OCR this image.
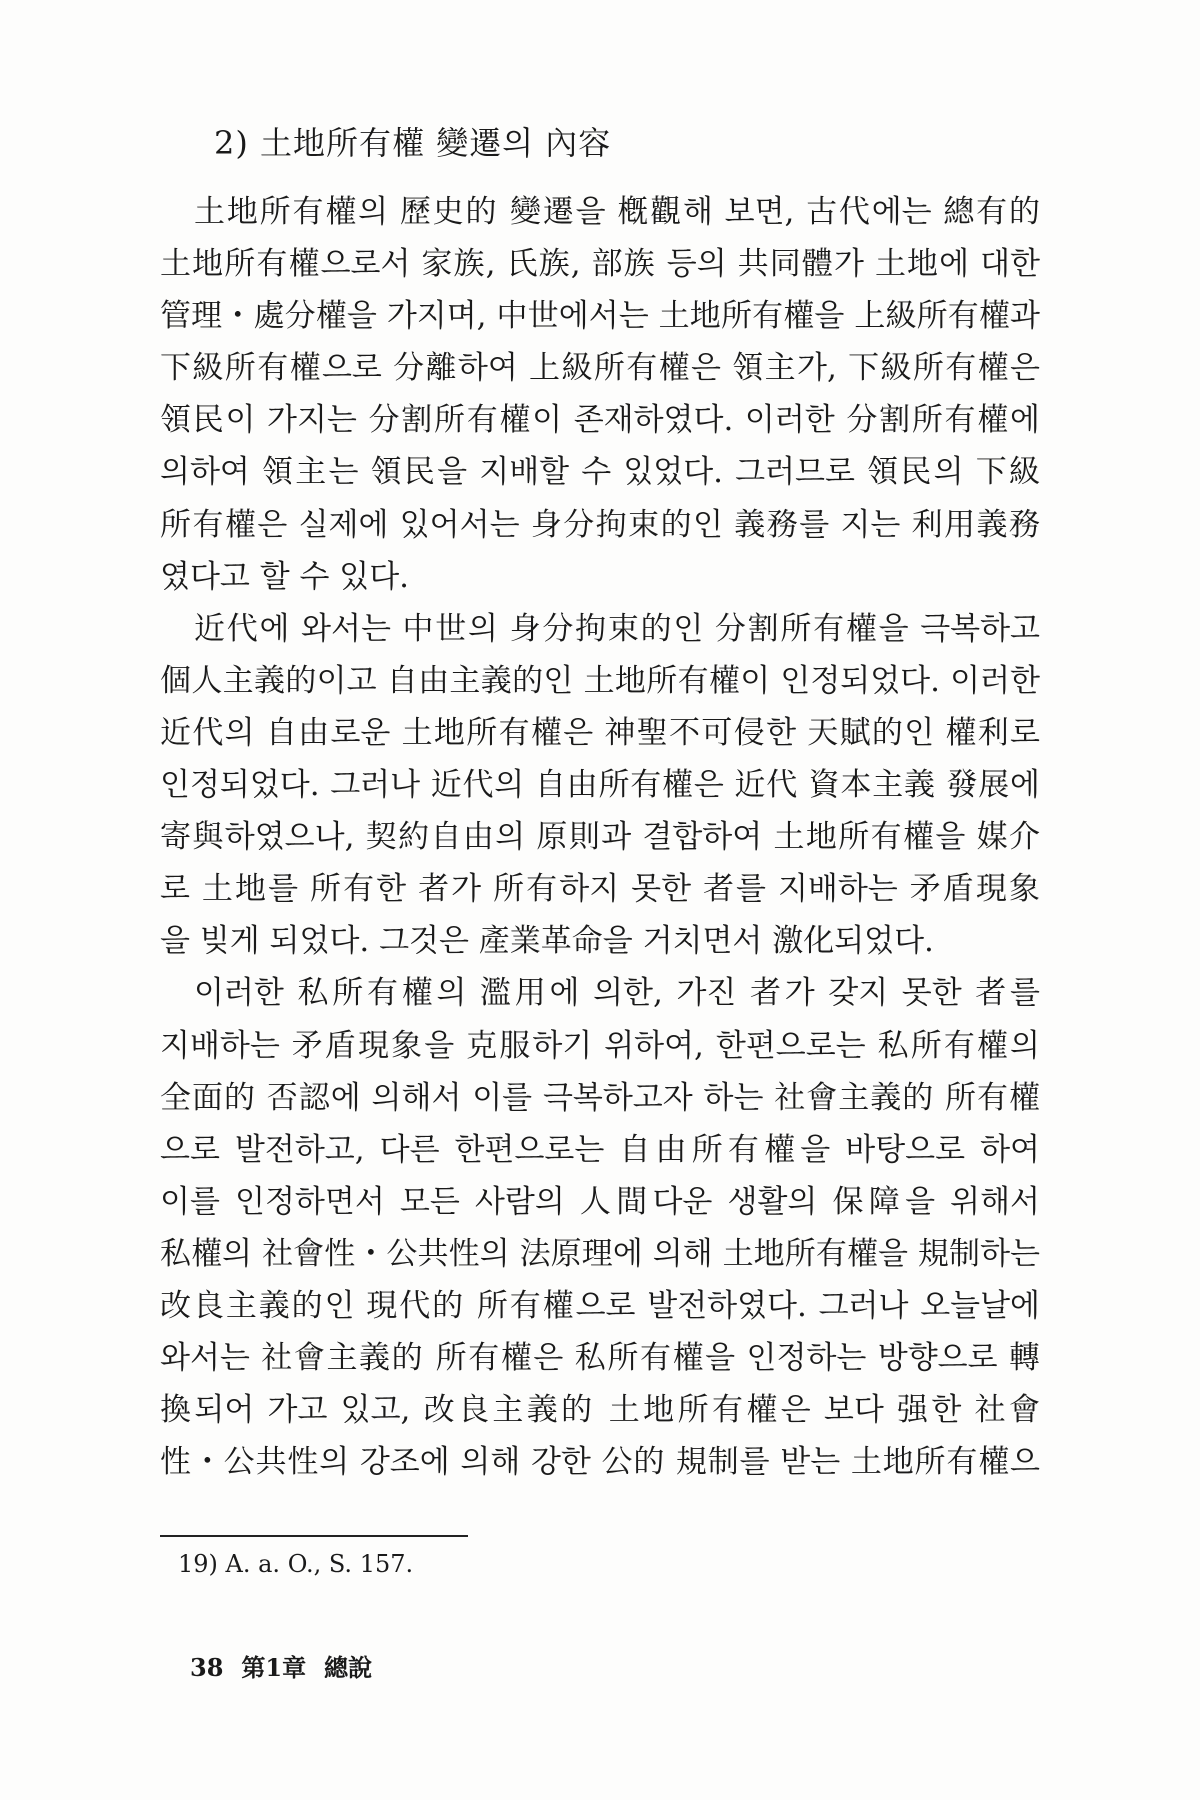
2) 土地所有權 變遷의 內容
土地所有權의 歷史的 變遷을 槪觀해 보면, 古代에는 總有的
土地所有權으로서 家族, 氏族, 部族 등의 共同體가 土地에 대한
管理・處分權을 가지며, 中世에서는 土地所有權을 上級所有權과
下級所有權으로 分離하여 上級所有權은 領主가, 下級所有權은
領民이 가지는 分割所有權이 존재하였다. 이러한 分割所有權에
의하여 領主는 領民을 지배할 수 있었다. 그러므로 領民의 下級
所有權은 실제에 있어서는 身分拘束的인 義務를 지는 利用義務
였다고 할 수 있다.
近代에 와서는 中世의 身分拘束的인 分割所有權을 극복하고
個人主義的이고 自由主義的인 土地所有權이 인정되었다. 이러한
近代의 自由로운 土地所有權은 神聖不可侵한 天賦的인 權利로
인정되었다. 그러나 近代의 自由所有權은 近代 資本主義 發展에
寄與하였으나, 契約自由의 原則과 결합하여 土地所有權을 媒介
로 土地를 所有한 者가 所有하지 못한 者를 지배하는 矛盾現象
을 빚게 되었다. 그것은 產業革命을 거치면서 激化되었다.
이러한 私所有權의 濫用에 의한, 가진 者가 갖지 못한 者를
지배하는 矛盾現象을 克服하기 위하여, 한편으로는 私所有權의
全面的 否認에 의해서 이를 극복하고자 하는 社會主義的 所有權
으로 발전하고, 다른 한편으로는 自由所有權을 바탕으로 하여
이를 인정하면서 모든 사람의 人間다운 생활의 保障을 위해서
私權의 社會性・公共性의 法原理에 의해 土地所有權을 規制하는
改良主義的인 現代的 所有權으로 발전하였다. 그러나 오늘날에
와서는 社會主義的 所有權은 私所有權을 인정하는 방향으로 轉
換되어 가고 있고, 改良主義的 土地所有權은 보다 强한 社會
性・公共性의 강조에 의해 강한 公的 規制를 받는 土地所有權으
19) A. a. O., S. 157.
38 第1章 總說
